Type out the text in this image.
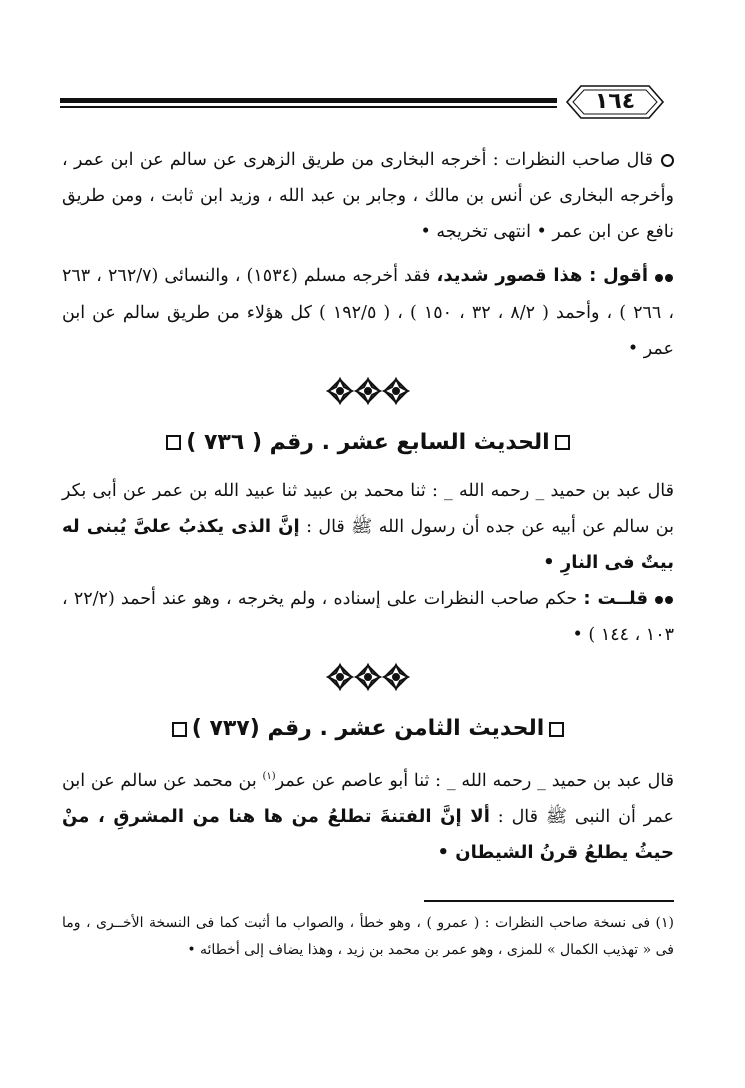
١٦٤

قال صاحب النظرات : أخرجه البخارى من طريق الزهرى عن سالم عن ابن عمر ، وأخرجه البخارى عن أنس بن مالك ، وجابر بن عبد الله ، وزيد ابن ثابت ، ومن طريق نافع عن ابن عمر • انتهى تخريجه •

أقول : هذا قصور شديد، فقد أخرجه مسلم (١٥٣٤) ، والنسائى (٢٦٢/٧ ، ٢٦٣ ، ٢٦٦ ) ، وأحمد ( ٨/٢ ، ٣٢ ، ١٥٠ ) ، ( ١٩٢/٥ ) كل هؤلاء من طريق سالم عن ابن عمر •

الحديث السابع عشر . رقم ( ٧٣٦ )

قال عبد بن حميد _ رحمه الله _ : ثنا محمد بن عبيد ثنا عبيد الله بن عمر عن أبى بكر بن سالم عن أبيه عن جده أن رسول الله ﷺ قال : إنَّ الذى يكذبُ علىَّ يُبنى له بيتٌ فى النارِ •

قلــت : حكم صاحب النظرات على إسناده ، ولم يخرجه ، وهو عند أحمد (٢٢/٢ ، ١٠٣ ، ١٤٤ ) •

الحديث الثامن عشر . رقم (٧٣٧ )

قال عبد بن حميد _ رحمه الله _ : ثنا أبو عاصم عن عمر$^{(١)}$ بن محمد عن سالم عن ابن عمر أن النبى ﷺ قال : ألا إنَّ الفتنةَ تطلعُ من ها هنا من المشرقِ ، منْ حيثُ يطلعُ قرنُ الشيطان •

(١) فى نسخة صاحب النظرات : ( عمرو ) ، وهو خطأ ، والصواب ما أثبت كما فى النسخة الأخــرى ، وما فى « تهذيب الكمال » للمزى ، وهو عمر بن محمد بن زيد ، وهذا يضاف إلى أخطائه •
